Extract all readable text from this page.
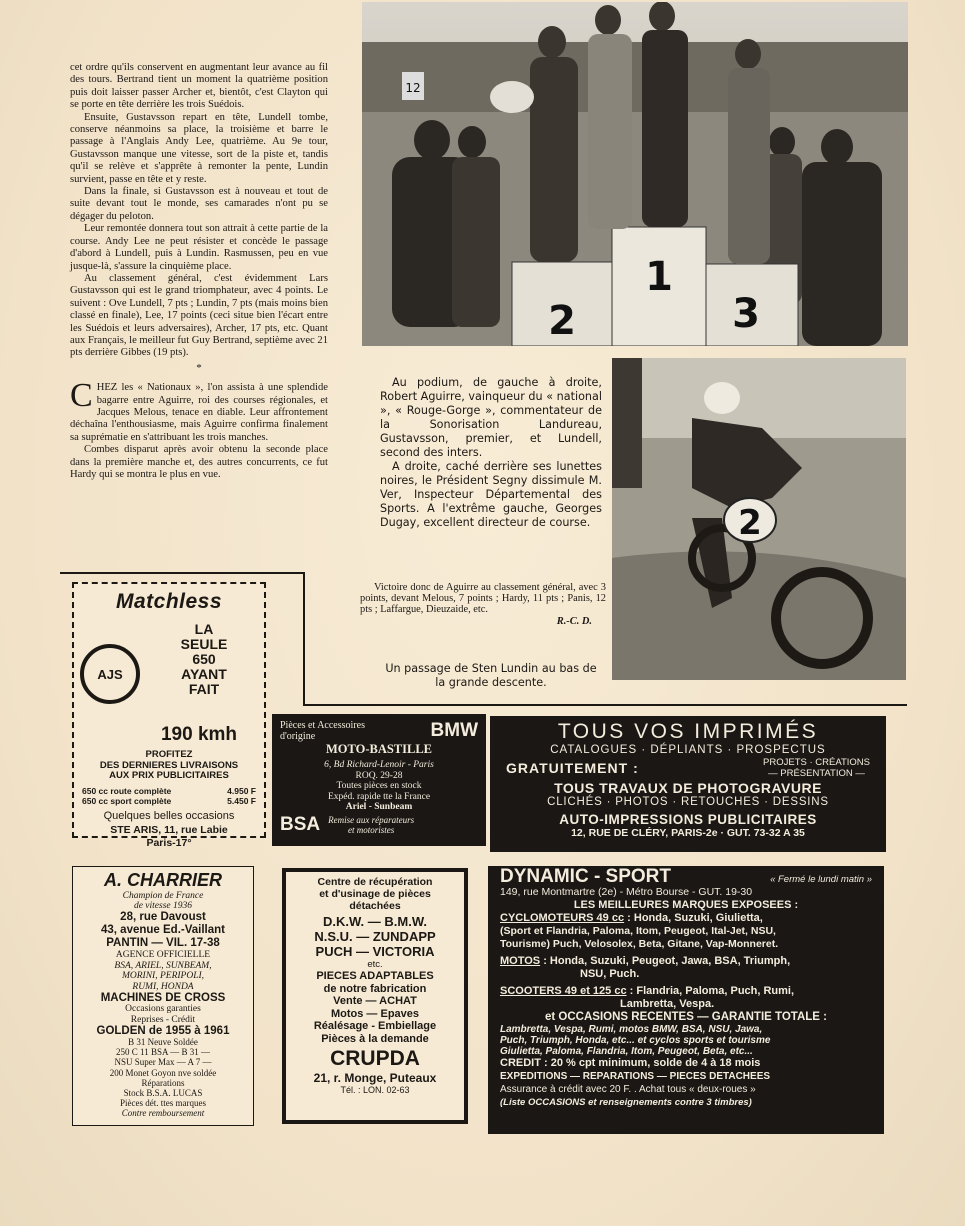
cet ordre qu'ils conservent en augmentant leur avance au fil des tours. Bertrand tient un moment la quatrième position puis doit laisser passer Archer et, bientôt, c'est Clayton qui se porte en tête derrière les trois Suédois.

Ensuite, Gustavsson repart en tête, Lundell tombe, conserve néanmoins sa place, la troisième et barre le passage à l'Anglais Andy Lee, quatrième. Au 9e tour, Gustavsson manque une vitesse, sort de la piste et, tandis qu'il se relève et s'apprête à remonter la pente, Lundin survient, passe en tête et y reste.

Dans la finale, si Gustavsson est à nouveau et tout de suite devant tout le monde, ses camarades n'ont pu se dégager du peloton.

Leur remontée donnera tout son attrait à cette partie de la course. Andy Lee ne peut résister et concède le passage d'abord à Lundell, puis à Lundin. Rasmussen, peu en vue jusque-là, s'assure la cinquième place.

Au classement général, c'est évidemment Lars Gustavsson qui est le grand triomphateur, avec 4 points. Le suivent : Ove Lundell, 7 pts ; Lundin, 7 pts (mais moins bien classé en finale), Lee, 17 points (ceci situe bien l'écart entre les Suédois et leurs adversaires), Archer, 17 pts, etc. Quant aux Français, le meilleur fut Guy Bertrand, septième avec 21 pts derrière Gibbes (19 pts).

*

CHEZ les « Nationaux », l'on assista à une splendide bagarre entre Aguirre, roi des courses régionales, et Jacques Melous, tenace en diable. Leur affrontement déchaîna l'enthousiasme, mais Aguirre confirma finalement sa suprématie en s'attribuant les trois manches.

Combes disparut après avoir obtenu la seconde place dans la première manche et, des autres concurrents, ce fut Hardy qui se montra le plus en vue.

2
1
3
12

Au podium, de gauche à droite, Robert Aguirre, vainqueur du « national », « Rouge-Gorge », commentateur de la Sonorisation Landureau, Gustavsson, premier, et Lundell, second des inters.

A droite, caché derrière ses lunettes noires, le Président Segny dissimule M. Ver, Inspecteur Départemental des Sports. A l'extrême gauche, Georges Dugay, excellent directeur de course.	2

Victoire donc de Aguirre au classement général, avec 3 points, devant Melous, 7 points ; Hardy, 11 pts ; Panis, 12 pts ; Laffargue, Dieuzaide, etc.

R.-C. D.

Un passage de Sten Lundin au bas de la grande descente.

Matchless
AJS
LA
SEULE
650
AYANT
FAIT
190 kmh
PROFITEZ
DES DERNIERES LIVRAISONS
AUX PRIX PUBLICITAIRES
650 cc route complète	4.950 F
650 cc sport complète	5.450 F
Quelques belles occasions
STE ARIS, 11, rue Labie
Paris-17°
Pièces et Accessoires
d'origine	BMW
MOTO-BASTILLE
6, Bd Richard-Lenoir - Paris
ROQ. 29-28
Toutes pièces en stock
Expéd. rapide tte la France
Ariel - Sunbeam
BSA Remise aux réparateurs
et motoristes
TOUS VOS IMPRIMÉS
CATALOGUES · DÉPLIANTS · PROSPECTUS
GRATUITEMENT :	PROJETS · CRÉATIONS
— PRÉSENTATION —
TOUS TRAVAUX DE PHOTOGRAVURE
CLICHÉS · PHOTOS · RETOUCHES · DESSINS
AUTO-IMPRESSIONS PUBLICITAIRES
12, RUE DE CLÉRY, PARIS-2e · GUT. 73-32 A 35
A. CHARRIER
Champion de France
de vitesse 1936
28, rue Davoust
43, avenue Ed.-Vaillant
PANTIN — VIL. 17-38
AGENCE OFFICIELLE
BSA, ARIEL, SUNBEAM,
MORINI, PERIPOLI,
RUMI, HONDA
MACHINES DE CROSS
Occasions garanties
Reprises - Crédit
GOLDEN de 1955 à 1961
B 31 Neuve Soldée
250 C 11 BSA — B 31 —
NSU Super Max — A 7 —
200 Monet Goyon nve soldée
Réparations
Stock B.S.A. LUCAS
Pièces dét. ttes marques
Contre remboursement
Centre de récupération
et d'usinage de pièces
détachées
D.K.W. — B.M.W.
N.S.U. — ZUNDAPP
PUCH — VICTORIA
etc.
PIECES ADAPTABLES
de notre fabrication
Vente — ACHAT
Motos — Epaves
Réalésage - Embiellage
Pièces à la demande
CRUPDA
21, r. Monge, Puteaux
Tél. : LON. 02-63
DYNAMIC - SPORT	« Fermé le lundi matin »
149, rue Montmartre (2e) - Métro Bourse - GUT. 19-30
LES MEILLEURES MARQUES EXPOSEES :
CYCLOMOTEURS 49 cc : Honda, Suzuki, Giulietta,
(Sport et Flandria, Paloma, Itom, Peugeot, Ital-Jet, NSU,
Tourisme) Puch, Velosolex, Beta, Gitane, Vap-Monneret.
MOTOS : Honda, Suzuki, Peugeot, Jawa, BSA, Triumph,
NSU, Puch.
SCOOTERS 49 et 125 cc : Flandria, Paloma, Puch, Rumi,
Lambretta, Vespa.
et OCCASIONS RECENTES — GARANTIE TOTALE :
Lambretta, Vespa, Rumi, motos BMW, BSA, NSU, Jawa,
Puch, Triumph, Honda, etc... et cyclos sports et tourisme
Giulietta, Paloma, Flandria, Itom, Peugeot, Beta, etc...
CREDIT : 20 % cpt minimum, solde de 4 à 18 mois
EXPEDITIONS — REPARATIONS — PIECES DETACHEES
Assurance à crédit avec 20 F. . Achat tous « deux-roues »
(Liste OCCASIONS et renseignements contre 3 timbres)
